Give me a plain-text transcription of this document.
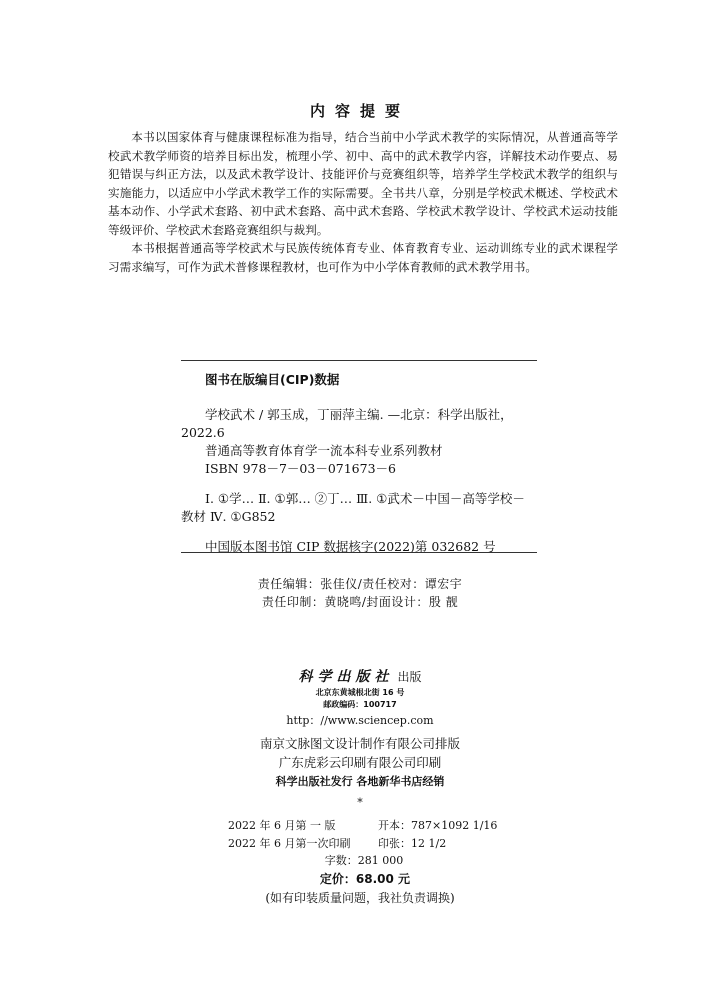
内容提要

本书以国家体育与健康课程标准为指导，结合当前中小学武术教学的实际情况，从普通高等学校武术教学师资的培养目标出发，梳理小学、初中、高中的武术教学内容，详解技术动作要点、易犯错误与纠正方法，以及武术教学设计、技能评价与竞赛组织等，培养学生学校武术教学的组织与实施能力，以适应中小学武术教学工作的实际需要。全书共八章，分别是学校武术概述、学校武术基本动作、小学武术套路、初中武术套路、高中武术套路、学校武术教学设计、学校武术运动技能等级评价、学校武术套路竞赛组织与裁判。

本书根据普通高等学校武术与民族传统体育专业、体育教育专业、运动训练专业的武术课程学习需求编写，可作为武术普修课程教材，也可作为中小学体育教师的武术教学用书。

图书在版编目(CIP)数据

学校武术 / 郭玉成，丁丽萍主编. —北京：科学出版社，2022.6

普通高等教育体育学一流本科专业系列教材

ISBN 978－7－03－071673－6

Ⅰ. ①学… Ⅱ. ①郭… ②丁… Ⅲ. ①武术－中国－高等学校－教材 Ⅳ. ①G852

中国版本图书馆 CIP 数据核字(2022)第 032682 号

责任编辑：张佳仪/责任校对：谭宏宇
责任印制：黄晓鸣/封面设计：殷 靓
科学出版社 出版
北京东黄城根北街 16 号
邮政编码：100717
http：//www.sciencep.com
南京文脉图文设计制作有限公司排版
广东虎彩云印刷有限公司印刷
科学出版社发行 各地新华书店经销
*
2022 年 6 月第 一 版	开本：787×1092 1/16
2022 年 6 月第一次印刷	印张：12 1/2
字数：281 000
定价：68.00 元
(如有印装质量问题，我社负责调换)
